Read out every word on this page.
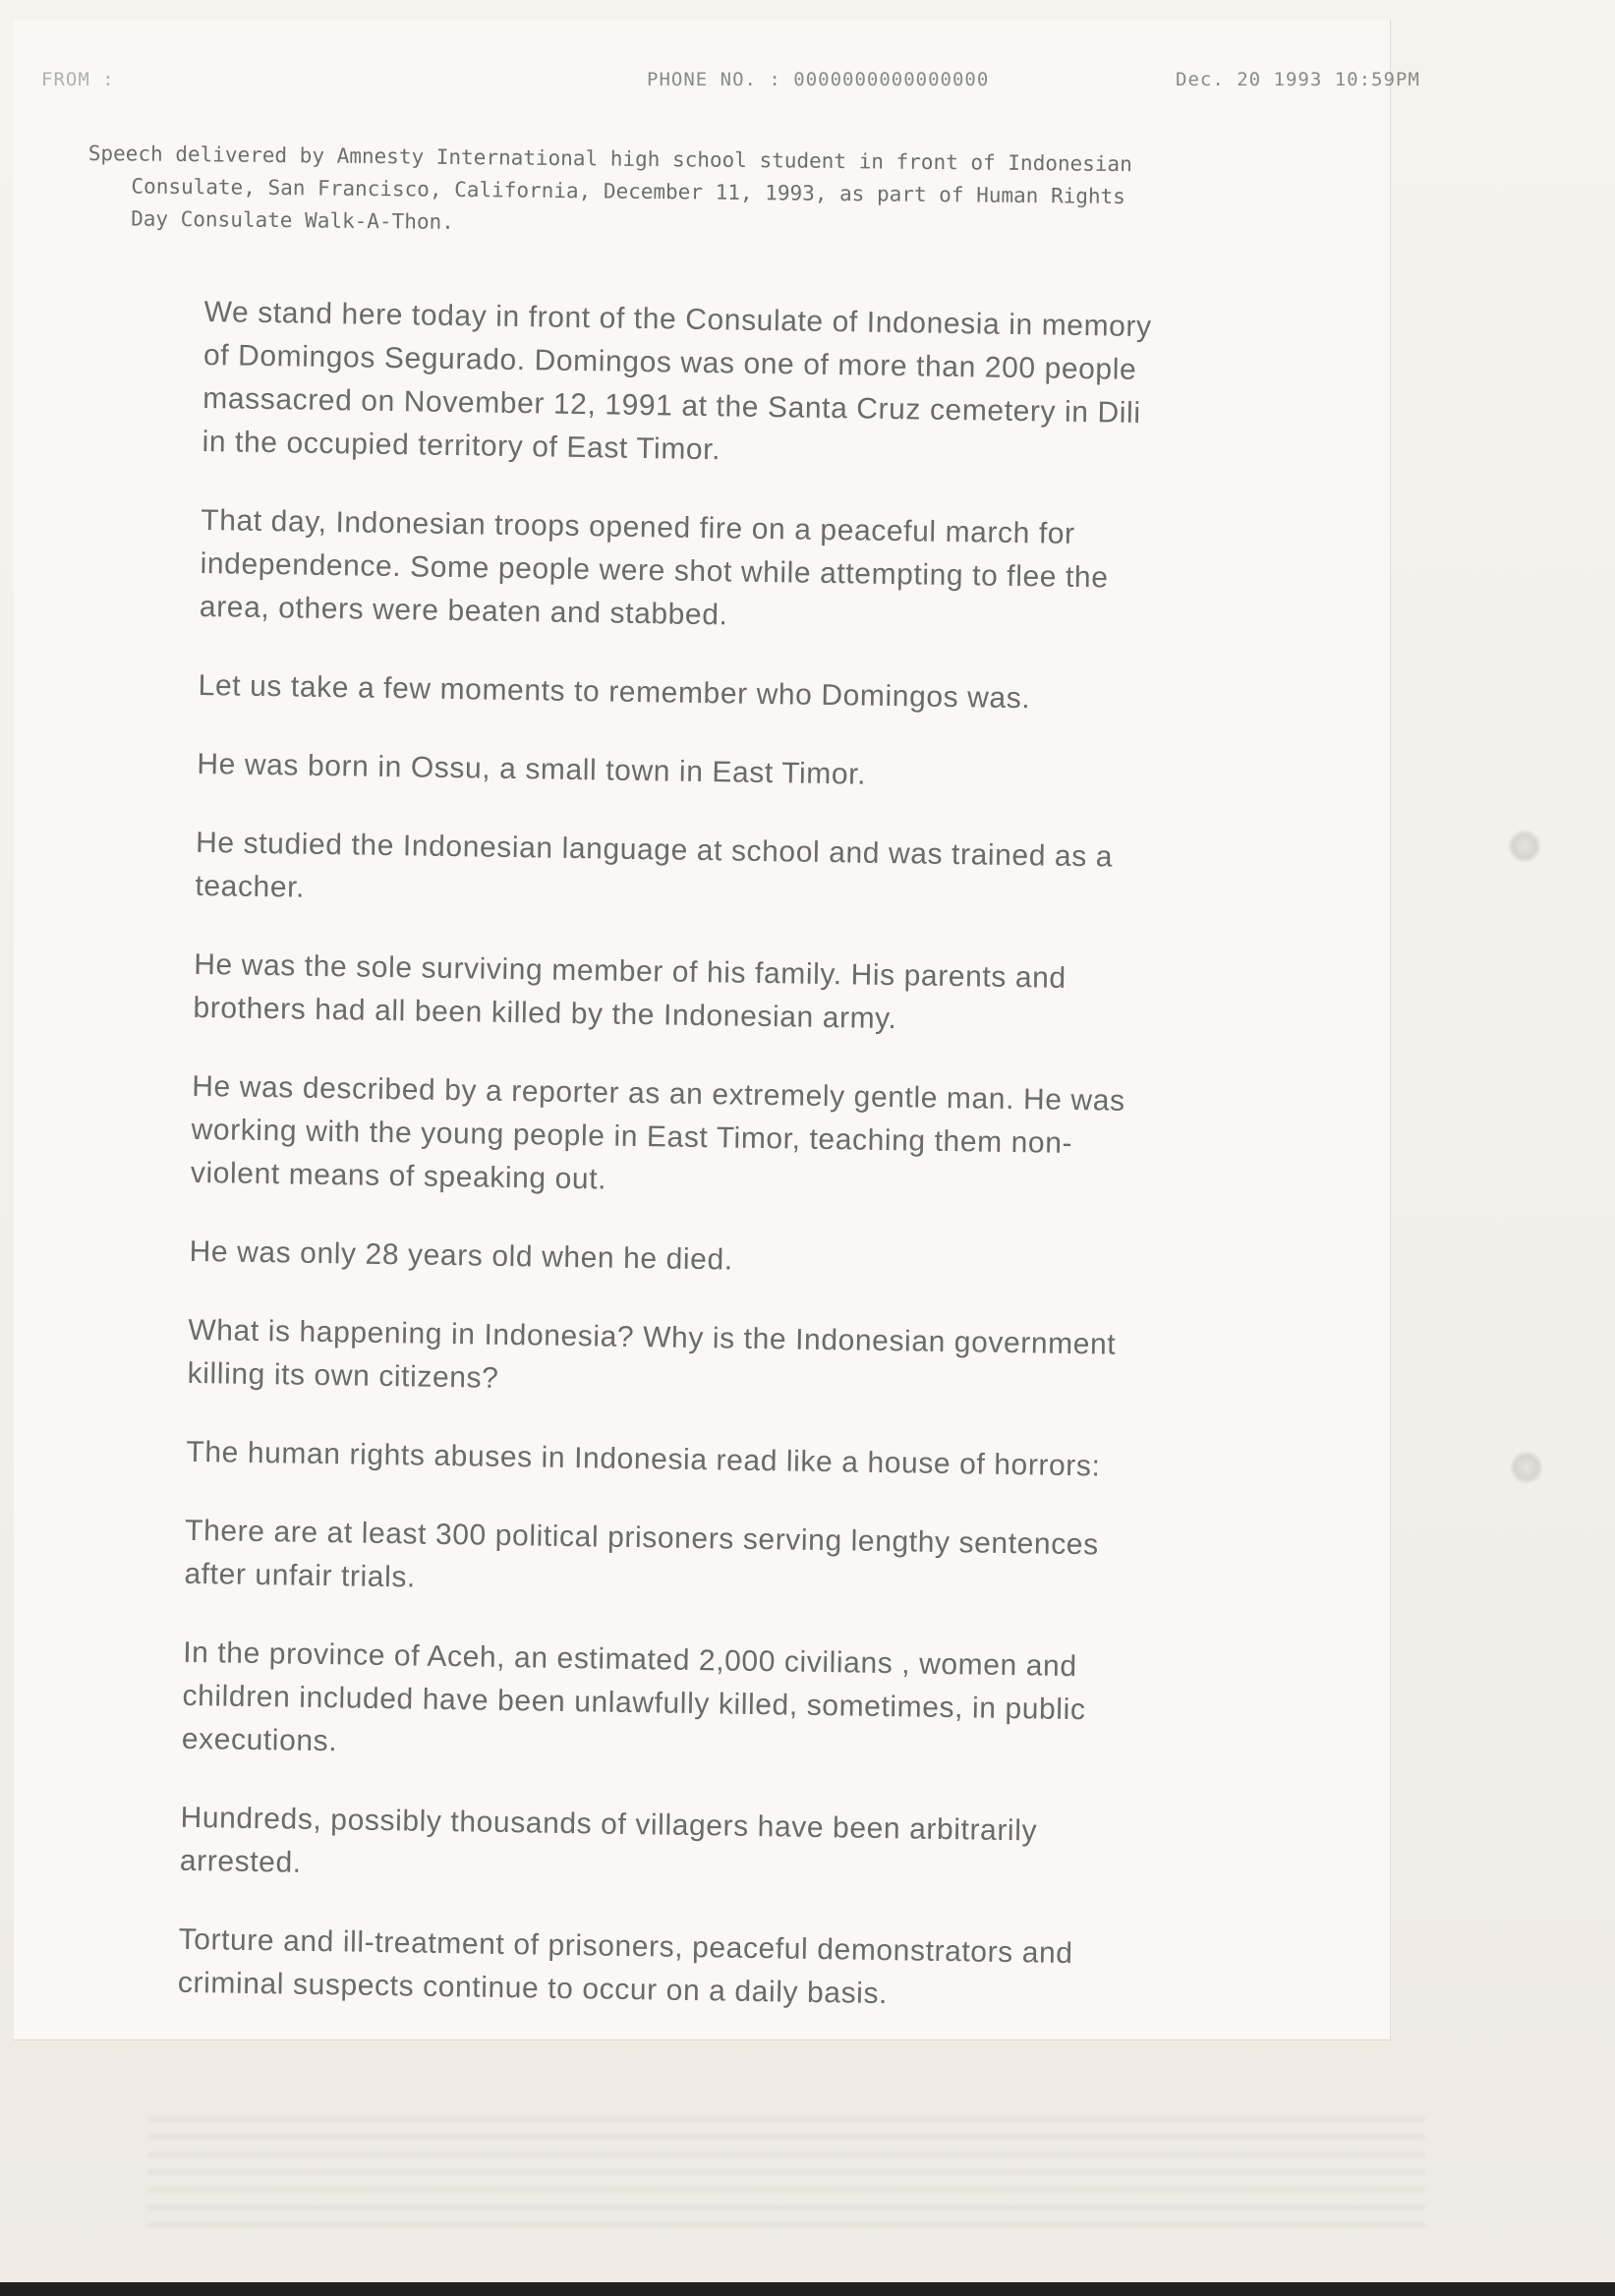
FROM :	PHONE NO. : 0000000000000000	Dec. 20 1993 10:59PM
Speech delivered by Amnesty International high school student in front of Indonesian
Consulate, San Francisco, California, December 11, 1993, as part of Human Rights
Day Consulate Walk-A-Thon.
We stand here today in front of the Consulate of Indonesia in memory
of Domingos Segurado. Domingos was one of more than 200 people
massacred on November 12, 1991 at the Santa Cruz cemetery in Dili
in the occupied territory of East Timor.
That day, Indonesian troops opened fire on a peaceful march for
independence. Some people were shot while attempting to flee the
area, others were beaten and stabbed.
Let us take a few moments to remember who Domingos was.
He was born in Ossu, a small town in East Timor.
He studied the Indonesian language at school and was trained as a
teacher.
He was the sole surviving member of his family. His parents and
brothers had all been killed by the Indonesian army.
He was described by a reporter as an extremely gentle man. He was
working with the young people in East Timor, teaching them non-
violent means of speaking out.
He was only 28 years old when he died.
What is happening in Indonesia? Why is the Indonesian government
killing its own citizens?
The human rights abuses in Indonesia read like a house of horrors:
There are at least 300 political prisoners serving lengthy sentences
after unfair trials.
In the province of Aceh, an estimated 2,000 civilians , women and
children included have been unlawfully killed, sometimes, in public
executions.
Hundreds, possibly thousands of villagers have been arbitrarily
arrested.
Torture and ill-treatment of prisoners, peaceful demonstrators and
criminal suspects continue to occur on a daily basis.
